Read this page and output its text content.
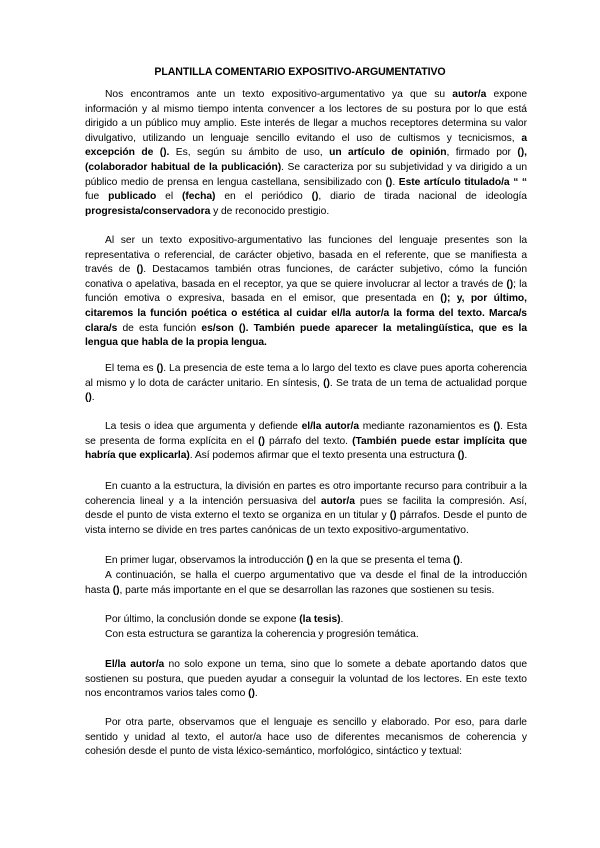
PLANTILLA COMENTARIO EXPOSITIVO-ARGUMENTATIVO

Nos encontramos ante un texto expositivo-argumentativo ya que su autor/a expone información y al mismo tiempo intenta convencer a los lectores de su postura por lo que está dirigido a un público muy amplio. Este interés de llegar a muchos receptores determina su valor divulgativo, utilizando un lenguaje sencillo evitando el uso de cultismos y tecnicismos, a excepción de (). Es, según su ámbito de uso, un artículo de opinión, firmado por (), (colaborador habitual de la publicación). Se caracteriza por su subjetividad y va dirigido a un público medio de prensa en lengua castellana, sensibilizado con (). Este artículo titulado/a “ “ fue publicado el (fecha) en el periódico (), diario de tirada nacional de ideología progresista/conservadora y de reconocido prestigio.

Al ser un texto expositivo-argumentativo las funciones del lenguaje presentes son la representativa o referencial, de carácter objetivo, basada en el referente, que se manifiesta a través de (). Destacamos también otras funciones, de carácter subjetivo, cómo la función conativa o apelativa, basada en el receptor, ya que se quiere involucrar al lector a través de (); la función emotiva o expresiva, basada en el emisor, que presentada en (); y, por último, citaremos la función poética o estética al cuidar el/la autor/a la forma del texto. Marca/s clara/s de esta función es/son (). También puede aparecer la metalingüística, que es la lengua que habla de la propia lengua.

El tema es (). La presencia de este tema a lo largo del texto es clave pues aporta coherencia al mismo y lo dota de carácter unitario. En síntesis, (). Se trata de un tema de actualidad porque ().

La tesis o idea que argumenta y defiende el/la autor/a mediante razonamientos es (). Esta se presenta de forma explícita en el () párrafo del texto. (También puede estar implícita que habría que explicarla). Así podemos afirmar que el texto presenta una estructura ().

En cuanto a la estructura, la división en partes es otro importante recurso para contribuir a la coherencia lineal y a la intención persuasiva del autor/a pues se facilita la compresión. Así, desde el punto de vista externo el texto se organiza en un titular y () párrafos. Desde el punto de vista interno se divide en tres partes canónicas de un texto expositivo-argumentativo.

En primer lugar, observamos la introducción () en la que se presenta el tema ().

A continuación, se halla el cuerpo argumentativo que va desde el final de la introducción hasta (), parte más importante en el que se desarrollan las razones que sostienen su tesis.

Por último, la conclusión donde se expone (la tesis).

Con esta estructura se garantiza la coherencia y progresión temática.

El/la autor/a no solo expone un tema, sino que lo somete a debate aportando datos que sostienen su postura, que pueden ayudar a conseguir la voluntad de los lectores. En este texto nos encontramos varios tales como ().

Por otra parte, observamos que el lenguaje es sencillo y elaborado. Por eso, para darle sentido y unidad al texto, el autor/a hace uso de diferentes mecanismos de coherencia y cohesión desde el punto de vista léxico-semántico, morfológico, sintáctico y textual:
